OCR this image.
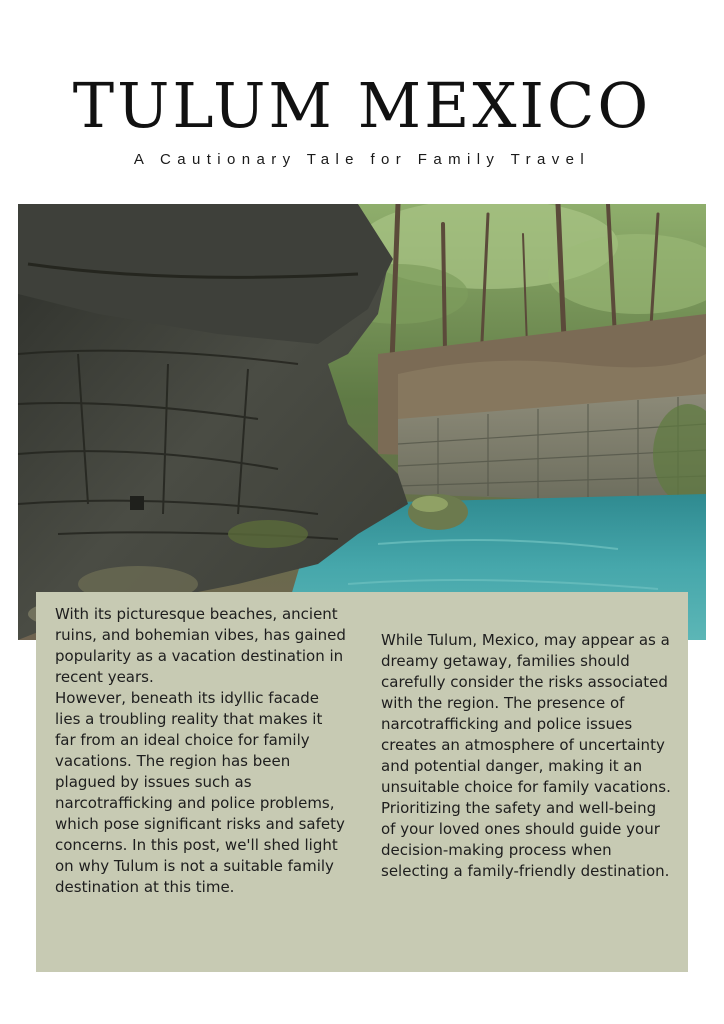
TULUM MEXICO
A Cautionary Tale for Family Travel

With its picturesque beaches, ancient ruins, and bohemian vibes, has gained popularity as a vacation destination in recent years.

However, beneath its idyllic facade lies a troubling reality that makes it far from an ideal choice for family vacations. The region has been plagued by issues such as narcotrafficking and police problems, which pose significant risks and safety concerns. In this post, we'll shed light on why Tulum is not a suitable family destination at this time.

While Tulum, Mexico, may appear as a dreamy getaway, families should carefully consider the risks associated with the region. The presence of narcotrafficking and police issues creates an atmosphere of uncertainty and potential danger, making it an unsuitable choice for family vacations. Prioritizing the safety and well-being of your loved ones should guide your decision-making process when selecting a family-friendly destination.
